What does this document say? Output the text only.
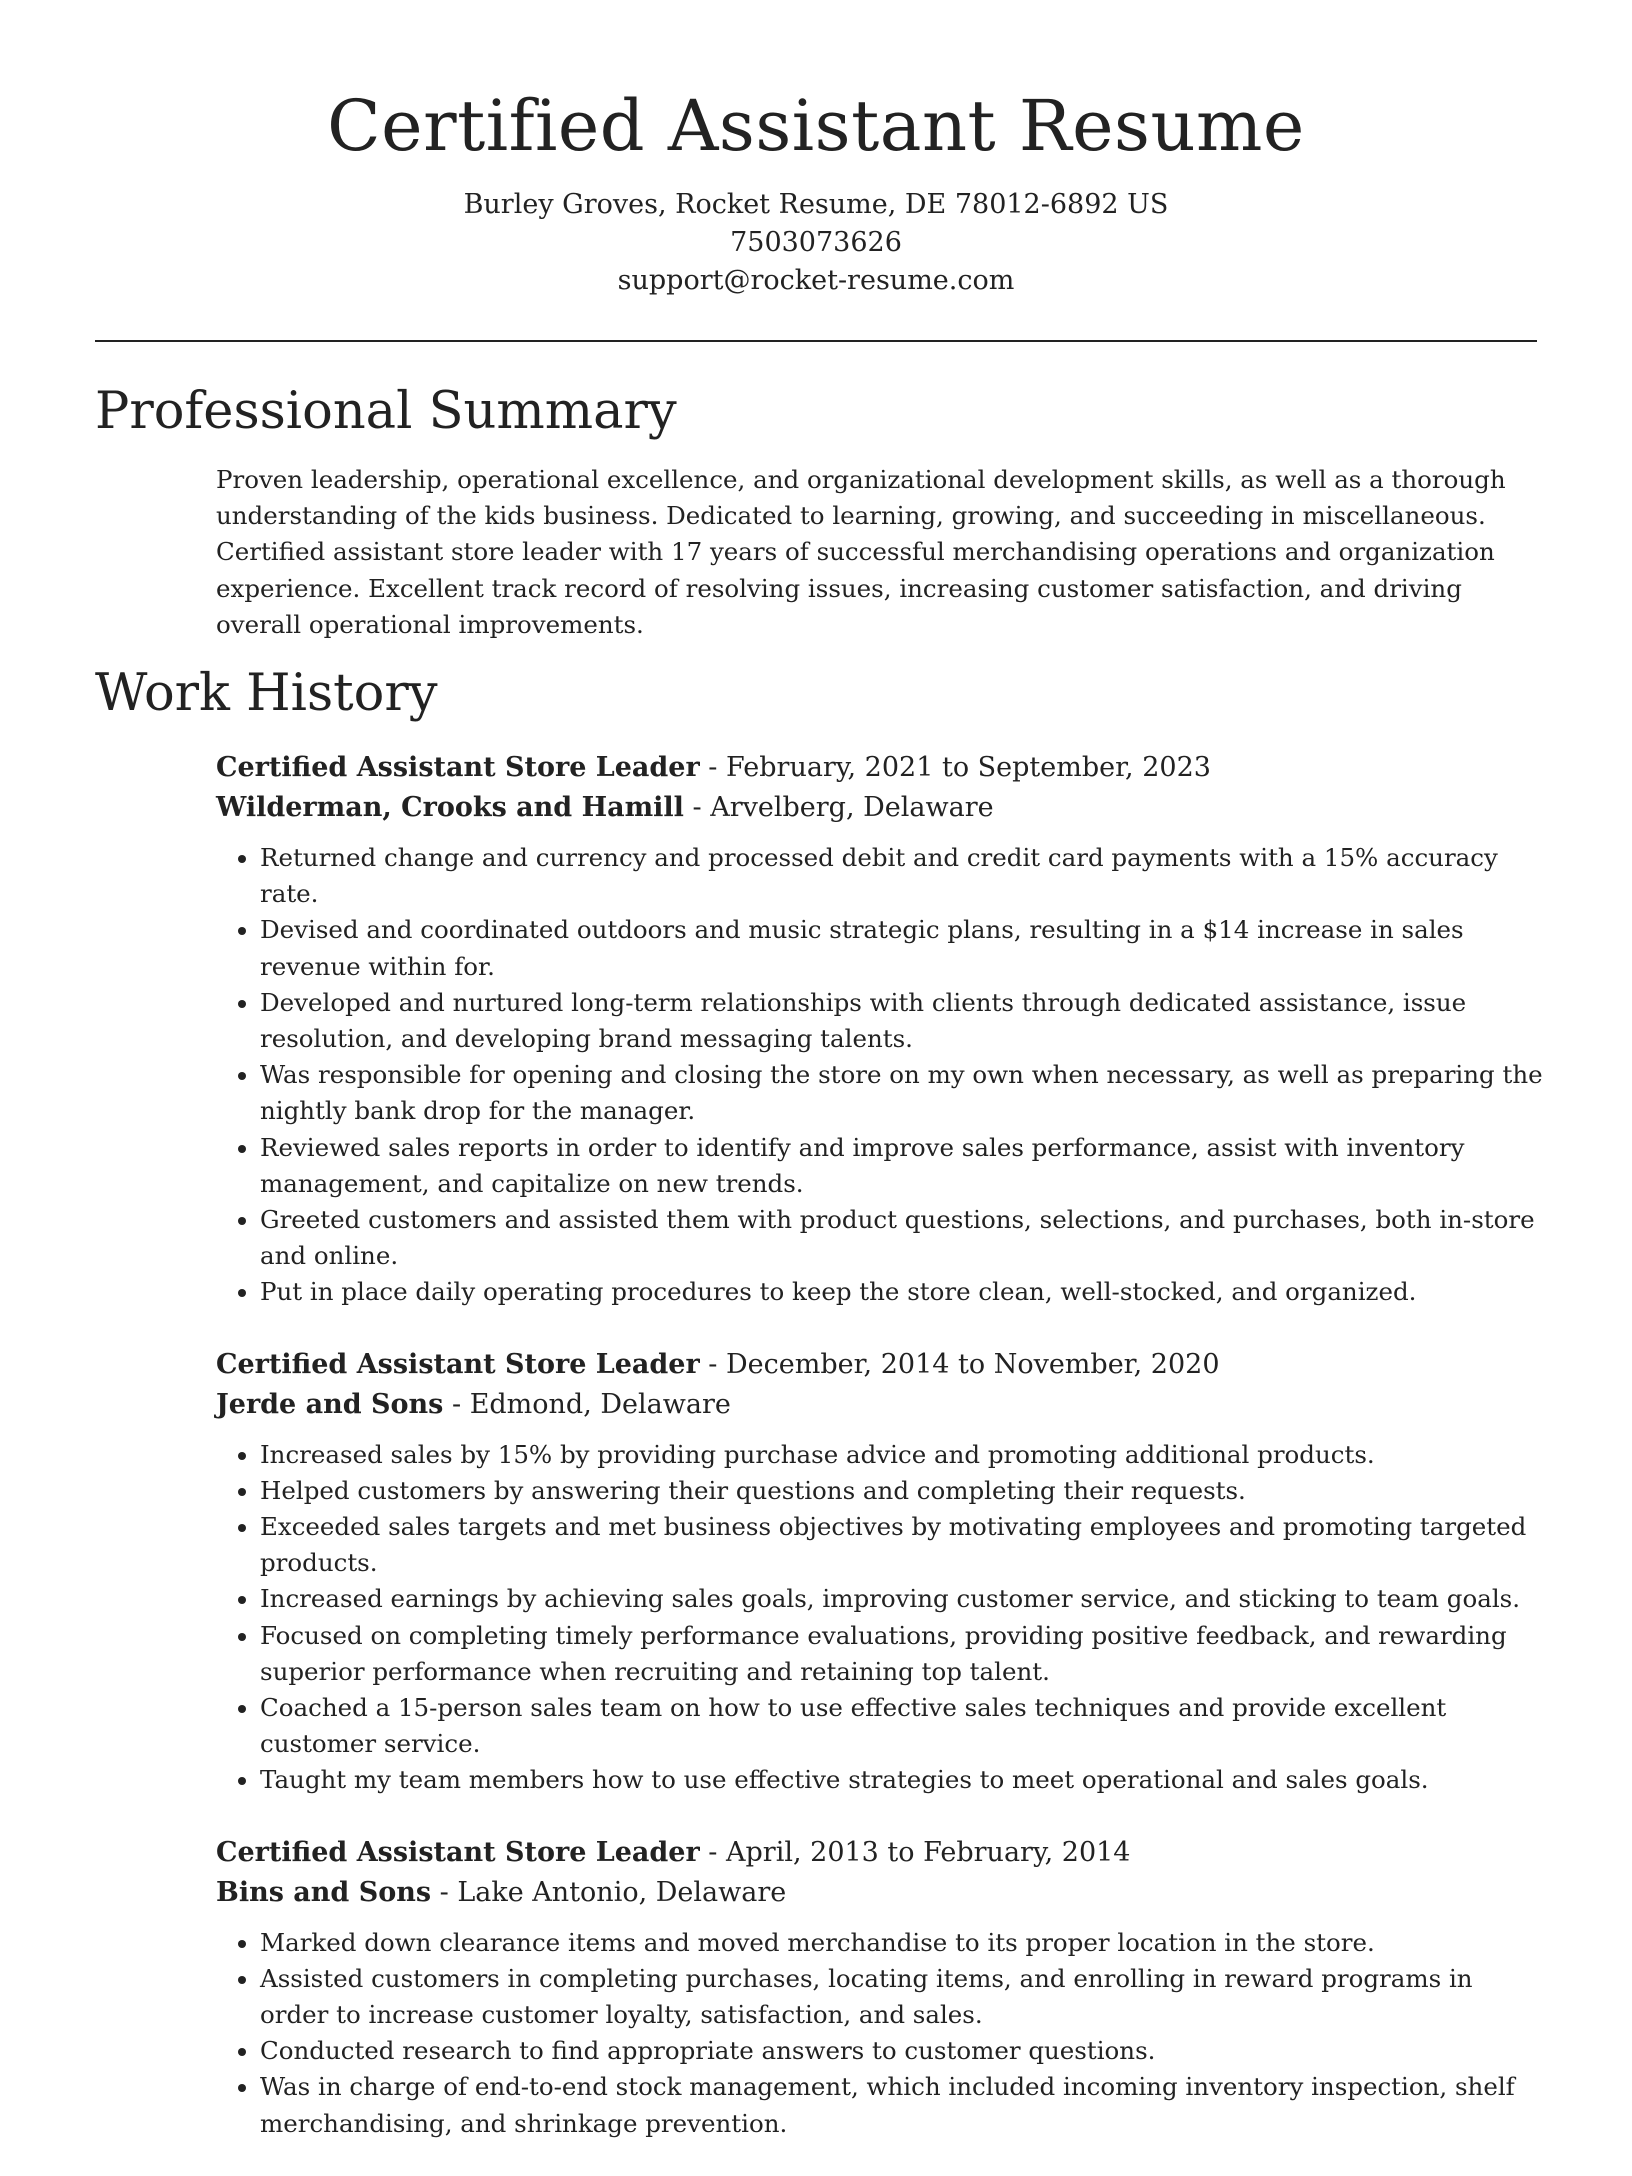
Certified Assistant Resume
Burley Groves, Rocket Resume, DE 78012-6892 US
7503073626
support@rocket-resume.com
Professional Summary

Proven leadership, operational excellence, and organizational development skills, as well as a thorough understanding of the kids business. Dedicated to learning, growing, and succeeding in miscellaneous. Certified assistant store leader with 17 years of successful merchandising operations and organization experience. Excellent track record of resolving issues, increasing customer satisfaction, and driving overall operational improvements.

Work History
Certified Assistant Store Leader - February, 2021 to September, 2023
Wilderman, Crooks and Hamill - Arvelberg, Delaware
• Returned change and currency and processed debit and credit card payments with a 15% accuracy rate.
• Devised and coordinated outdoors and music strategic plans, resulting in a $14 increase in sales revenue within for.
• Developed and nurtured long-term relationships with clients through dedicated assistance, issue resolution, and developing brand messaging talents.
• Was responsible for opening and closing the store on my own when necessary, as well as preparing the nightly bank drop for the manager.
• Reviewed sales reports in order to identify and improve sales performance, assist with inventory management, and capitalize on new trends.
• Greeted customers and assisted them with product questions, selections, and purchases, both in-store and online.
• Put in place daily operating procedures to keep the store clean, well-stocked, and organized.
Certified Assistant Store Leader - December, 2014 to November, 2020
Jerde and Sons - Edmond, Delaware
• Increased sales by 15% by providing purchase advice and promoting additional products.
• Helped customers by answering their questions and completing their requests.
• Exceeded sales targets and met business objectives by motivating employees and promoting targeted products.
• Increased earnings by achieving sales goals, improving customer service, and sticking to team goals.
• Focused on completing timely performance evaluations, providing positive feedback, and rewarding superior performance when recruiting and retaining top talent.
• Coached a 15-person sales team on how to use effective sales techniques and provide excellent customer service.
• Taught my team members how to use effective strategies to meet operational and sales goals.
Certified Assistant Store Leader - April, 2013 to February, 2014
Bins and Sons - Lake Antonio, Delaware
• Marked down clearance items and moved merchandise to its proper location in the store.
• Assisted customers in completing purchases, locating items, and enrolling in reward programs in order to increase customer loyalty, satisfaction, and sales.
• Conducted research to find appropriate answers to customer questions.
• Was in charge of end-to-end stock management, which included incoming inventory inspection, shelf merchandising, and shrinkage prevention.
